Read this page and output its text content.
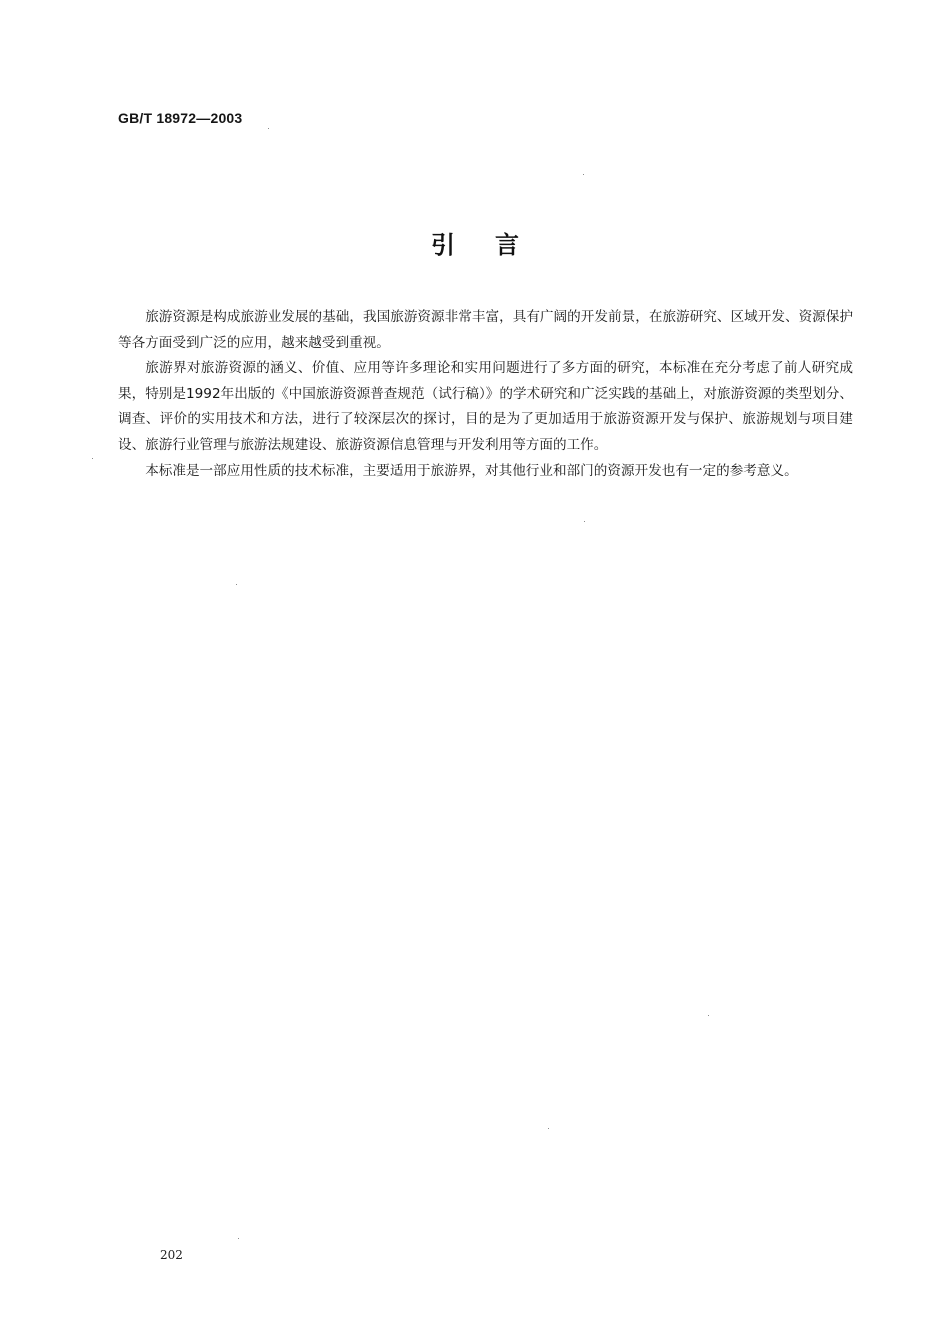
GB/T 18972—2003
引 言

旅游资源是构成旅游业发展的基础，我国旅游资源非常丰富，具有广阔的开发前景，在旅游研究、区域开发、资源保护等各方面受到广泛的应用，越来越受到重视。

旅游界对旅游资源的涵义、价值、应用等许多理论和实用问题进行了多方面的研究，本标准在充分考虑了前人研究成果，特别是1992年出版的《中国旅游资源普查规范（试行稿）》的学术研究和广泛实践的基础上，对旅游资源的类型划分、调查、评价的实用技术和方法，进行了较深层次的探讨，目的是为了更加适用于旅游资源开发与保护、旅游规划与项目建设、旅游行业管理与旅游法规建设、旅游资源信息管理与开发利用等方面的工作。

本标准是一部应用性质的技术标准，主要适用于旅游界，对其他行业和部门的资源开发也有一定的参考意义。

202
